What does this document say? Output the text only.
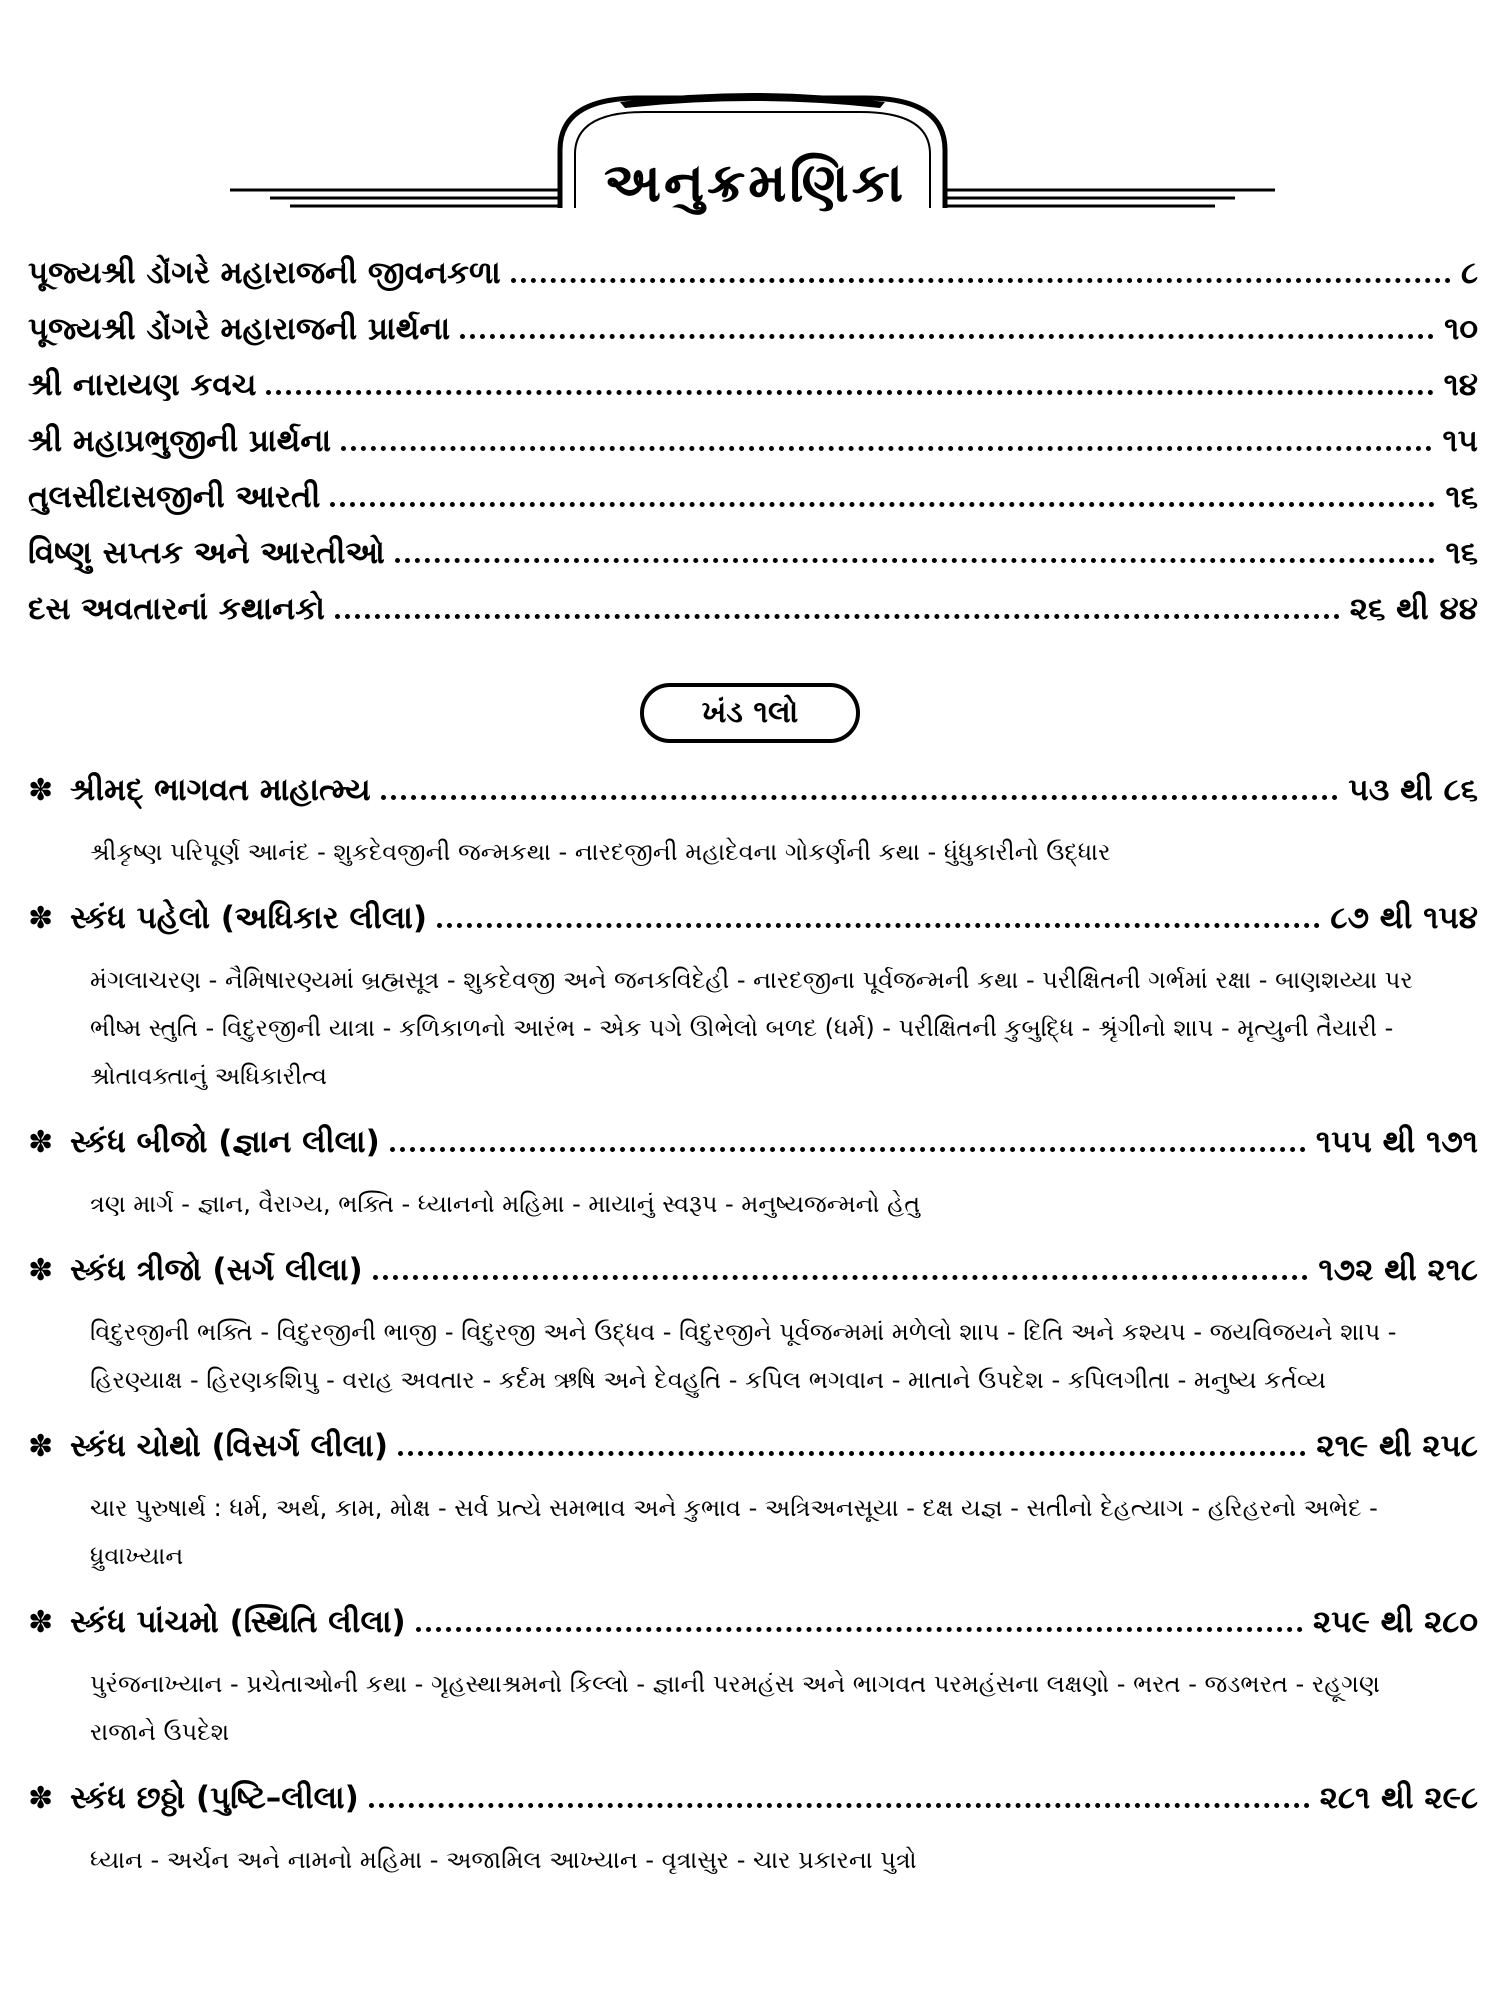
અનુક્રમણિકા
પૂજ્યશ્રી ડોંગરે મહારાજની જીવનકળા	૮
પૂજ્યશ્રી ડોંગરે મહારાજની પ્રાર્થના	૧૦
શ્રી નારાયણ કવચ	૧૪
શ્રી મહાપ્રભુજીની પ્રાર્થના	૧૫
તુલસીદાસજીની આરતી	૧૬
વિષ્ણુ સપ્તક અને આરતીઓ	૧૬
દસ અવતારનાં કથાનકો	૨૬ થી ૪૪
ખંડ ૧લો
✽ શ્રીમદ્ ભાગવત માહાત્મ્ય	૫૩ થી ૮૬
શ્રીકૃષ્ણ પરિપૂર્ણ આનંદ - શુકદેવજીની જન્મકથા - નારદજીની મહાદેવના ગોકર્ણની કથા - ધુંધુકારીનો ઉદ્ધાર
✽ સ્કંધ પહેલો (અધિકાર લીલા)	૮૭ થી ૧૫૪
મંગલાચરણ - નૈમિષારણ્યમાં બ્રહ્મસૂત્ર - શુકદેવજી અને જનકવિદેહી - નારદજીના પૂર્વજન્મની કથા - પરીક્ષિતની ગર્ભમાં રક્ષા - બાણશય્યા પર ભીષ્મ સ્તુતિ - વિદુરજીની યાત્રા - કળિકાળનો આરંભ - એક પગે ઊભેલો બળદ (ધર્મ) - પરીક્ષિતની કુબુદ્ધિ - શ્રૃંગીનો શાપ - મૃત્યુની તૈયારી - શ્રોતાવક્તાનું અધિકારીત્વ
✽ સ્કંધ બીજો (જ્ઞાન લીલા)	૧૫૫ થી ૧૭૧
ત્રણ માર્ગ - જ્ઞાન, વૈરાગ્ય, ભક્તિ - ધ્યાનનો મહિમા - માયાનું સ્વરૂપ - મનુષ્યજન્મનો હેતુ
✽ સ્કંધ ત્રીજો (સર્ગ લીલા)	૧૭૨ થી ૨૧૮
વિદુરજીની ભક્તિ - વિદુરજીની ભાજી - વિદુરજી અને ઉદ્ધવ - વિદુરજીને પૂર્વજન્મમાં મળેલો શાપ - દિતિ અને કશ્યપ - જયવિજયને શાપ - હિરણ્યાક્ષ - હિરણકશિપુ - વરાહ અવતાર - કર્દમ ઋષિ અને દેવહુતિ - કપિલ ભગવાન - માતાને ઉપદેશ - કપિલગીતા - મનુષ્ય કર્તવ્ય
✽ સ્કંધ ચોથો (વિસર્ગ લીલા)	૨૧૯ થી ૨૫૮
ચાર પુરુષાર્થ : ધર્મ, અર્થ, કામ, મોક્ષ - સર્વ પ્રત્યે સમભાવ અને કુભાવ - અત્રિઅનસૂયા - દક્ષ યજ્ઞ - સતીનો દેહત્યાગ - હરિહરનો અભેદ - ધ્રુવાખ્યાન
✽ સ્કંધ પાંચમો (સ્થિતિ લીલા)	૨૫૯ થી ૨૮૦
પુરંજનાખ્યાન - પ્રચેતાઓની કથા - ગૃહસ્થાશ્રમનો કિલ્લો - જ્ઞાની પરમહંસ અને ભાગવત પરમહંસના લક્ષણો - ભરત - જડભરત - રહૂગણ રાજાને ઉપદેશ
✽ સ્કંધ છઠ્ઠો (પુષ્ટિ–લીલા)	૨૮૧ થી ૨૯૮
ધ્યાન - અર્ચન અને નામનો મહિમા - અજામિલ આખ્યાન - વૃત્રાસુર - ચાર પ્રકારના પુત્રો
